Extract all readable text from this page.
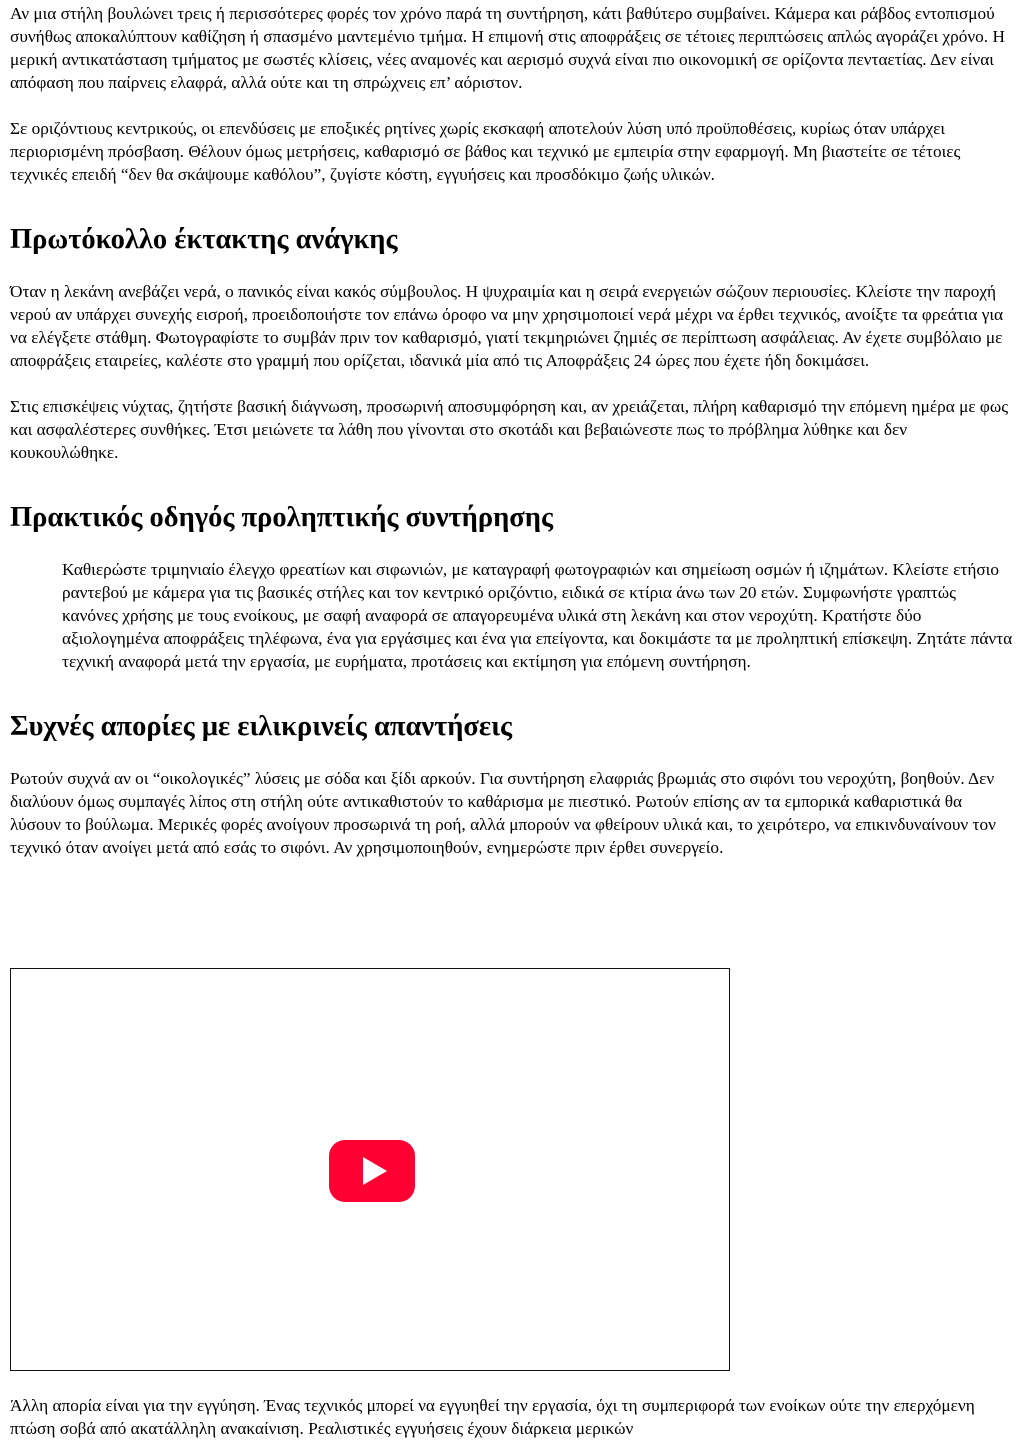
Αν μια στήλη βουλώνει τρεις ή περισσότερες φορές τον χρόνο παρά τη συντήρηση, κάτι βαθύτερο συμβαίνει. Κάμερα και ράβδος εντοπισμού συνήθως αποκαλύπτουν καθίζηση ή σπασμένο μαντεμένιο τμήμα. Η επιμονή στις αποφράξεις σε τέτοιες περιπτώσεις απλώς αγοράζει χρόνο. Η μερική αντικατάσταση τμήματος με σωστές κλίσεις, νέες αναμονές και αερισμό συχνά είναι πιο οικονομική σε ορίζοντα πενταετίας. Δεν είναι απόφαση που παίρνεις ελαφρά, αλλά ούτε και τη σπρώχνεις επ’ αόριστον.

Σε οριζόντιους κεντρικούς, οι επενδύσεις με εποξικές ρητίνες χωρίς εκσκαφή αποτελούν λύση υπό προϋποθέσεις, κυρίως όταν υπάρχει περιορισμένη πρόσβαση. Θέλουν όμως μετρήσεις, καθαρισμό σε βάθος και τεχνικό με εμπειρία στην εφαρμογή. Μη βιαστείτε σε τέτοιες τεχνικές επειδή “δεν θα σκάψουμε καθόλου”, ζυγίστε κόστη, εγγυήσεις και προσδόκιμο ζωής υλικών.

Πρωτόκολλο έκτακτης ανάγκης

Όταν η λεκάνη ανεβάζει νερά, ο πανικός είναι κακός σύμβουλος. Η ψυχραιμία και η σειρά ενεργειών σώζουν περιουσίες. Κλείστε την παροχή νερού αν υπάρχει συνεχής εισροή, προειδοποιήστε τον επάνω όροφο να μην χρησιμοποιεί νερά μέχρι να έρθει τεχνικός, ανοίξτε τα φρεάτια για να ελέγξετε στάθμη. Φωτογραφίστε το συμβάν πριν τον καθαρισμό, γιατί τεκμηριώνει ζημιές σε περίπτωση ασφάλειας. Αν έχετε συμβόλαιο με αποφράξεις εταιρείες, καλέστε στο γραμμή που ορίζεται, ιδανικά μία από τις Αποφράξεις 24 ώρες που έχετε ήδη δοκιμάσει.

Στις επισκέψεις νύχτας, ζητήστε βασική διάγνωση, προσωρινή αποσυμφόρηση και, αν χρειάζεται, πλήρη καθαρισμό την επόμενη ημέρα με φως και ασφαλέστερες συνθήκες. Έτσι μειώνετε τα λάθη που γίνονται στο σκοτάδι και βεβαιώνεστε πως το πρόβλημα λύθηκε και δεν κουκουλώθηκε.

Πρακτικός οδηγός προληπτικής συντήρησης
Καθιερώστε τριμηνιαίο έλεγχο φρεατίων και σιφωνιών, με καταγραφή φωτογραφιών και σημείωση οσμών ή ιζημάτων. Κλείστε ετήσιο ραντεβού με κάμερα για τις βασικές στήλες και τον κεντρικό οριζόντιο, ειδικά σε κτίρια άνω των 20 ετών. Συμφωνήστε γραπτώς κανόνες χρήσης με τους ενοίκους, με σαφή αναφορά σε απαγορευμένα υλικά στη λεκάνη και στον νεροχύτη. Κρατήστε δύο αξιολογημένα αποφράξεις τηλέφωνα, ένα για εργάσιμες και ένα για επείγοντα, και δοκιμάστε τα με προληπτική επίσκεψη. Ζητάτε πάντα τεχνική αναφορά μετά την εργασία, με ευρήματα, προτάσεις και εκτίμηση για επόμενη συντήρηση.
Συχνές απορίες με ειλικρινείς απαντήσεις

Ρωτούν συχνά αν οι “οικολογικές” λύσεις με σόδα και ξίδι αρκούν. Για συντήρηση ελαφριάς βρωμιάς στο σιφόνι του νεροχύτη, βοηθούν. Δεν διαλύουν όμως συμπαγές λίπος στη στήλη ούτε αντικαθιστούν το καθάρισμα με πιεστικό. Ρωτούν επίσης αν τα εμπορικά καθαριστικά θα λύσουν το βούλωμα. Μερικές φορές ανοίγουν προσωρινά τη ροή, αλλά μπορούν να φθείρουν υλικά και, το χειρότερο, να επικινδυναίνουν τον τεχνικό όταν ανοίγει μετά από εσάς το σιφόνι. Αν χρησιμοποιηθούν, ενημερώστε πριν έρθει συνεργείο.

Άλλη απορία είναι για την εγγύηση. Ένας τεχνικός μπορεί να εγγυηθεί την εργασία, όχι τη συμπεριφορά των ενοίκων ούτε την επερχόμενη πτώση σοβά από ακατάλληλη ανακαίνιση. Ρεαλιστικές εγγυήσεις έχουν διάρκεια μερικών
